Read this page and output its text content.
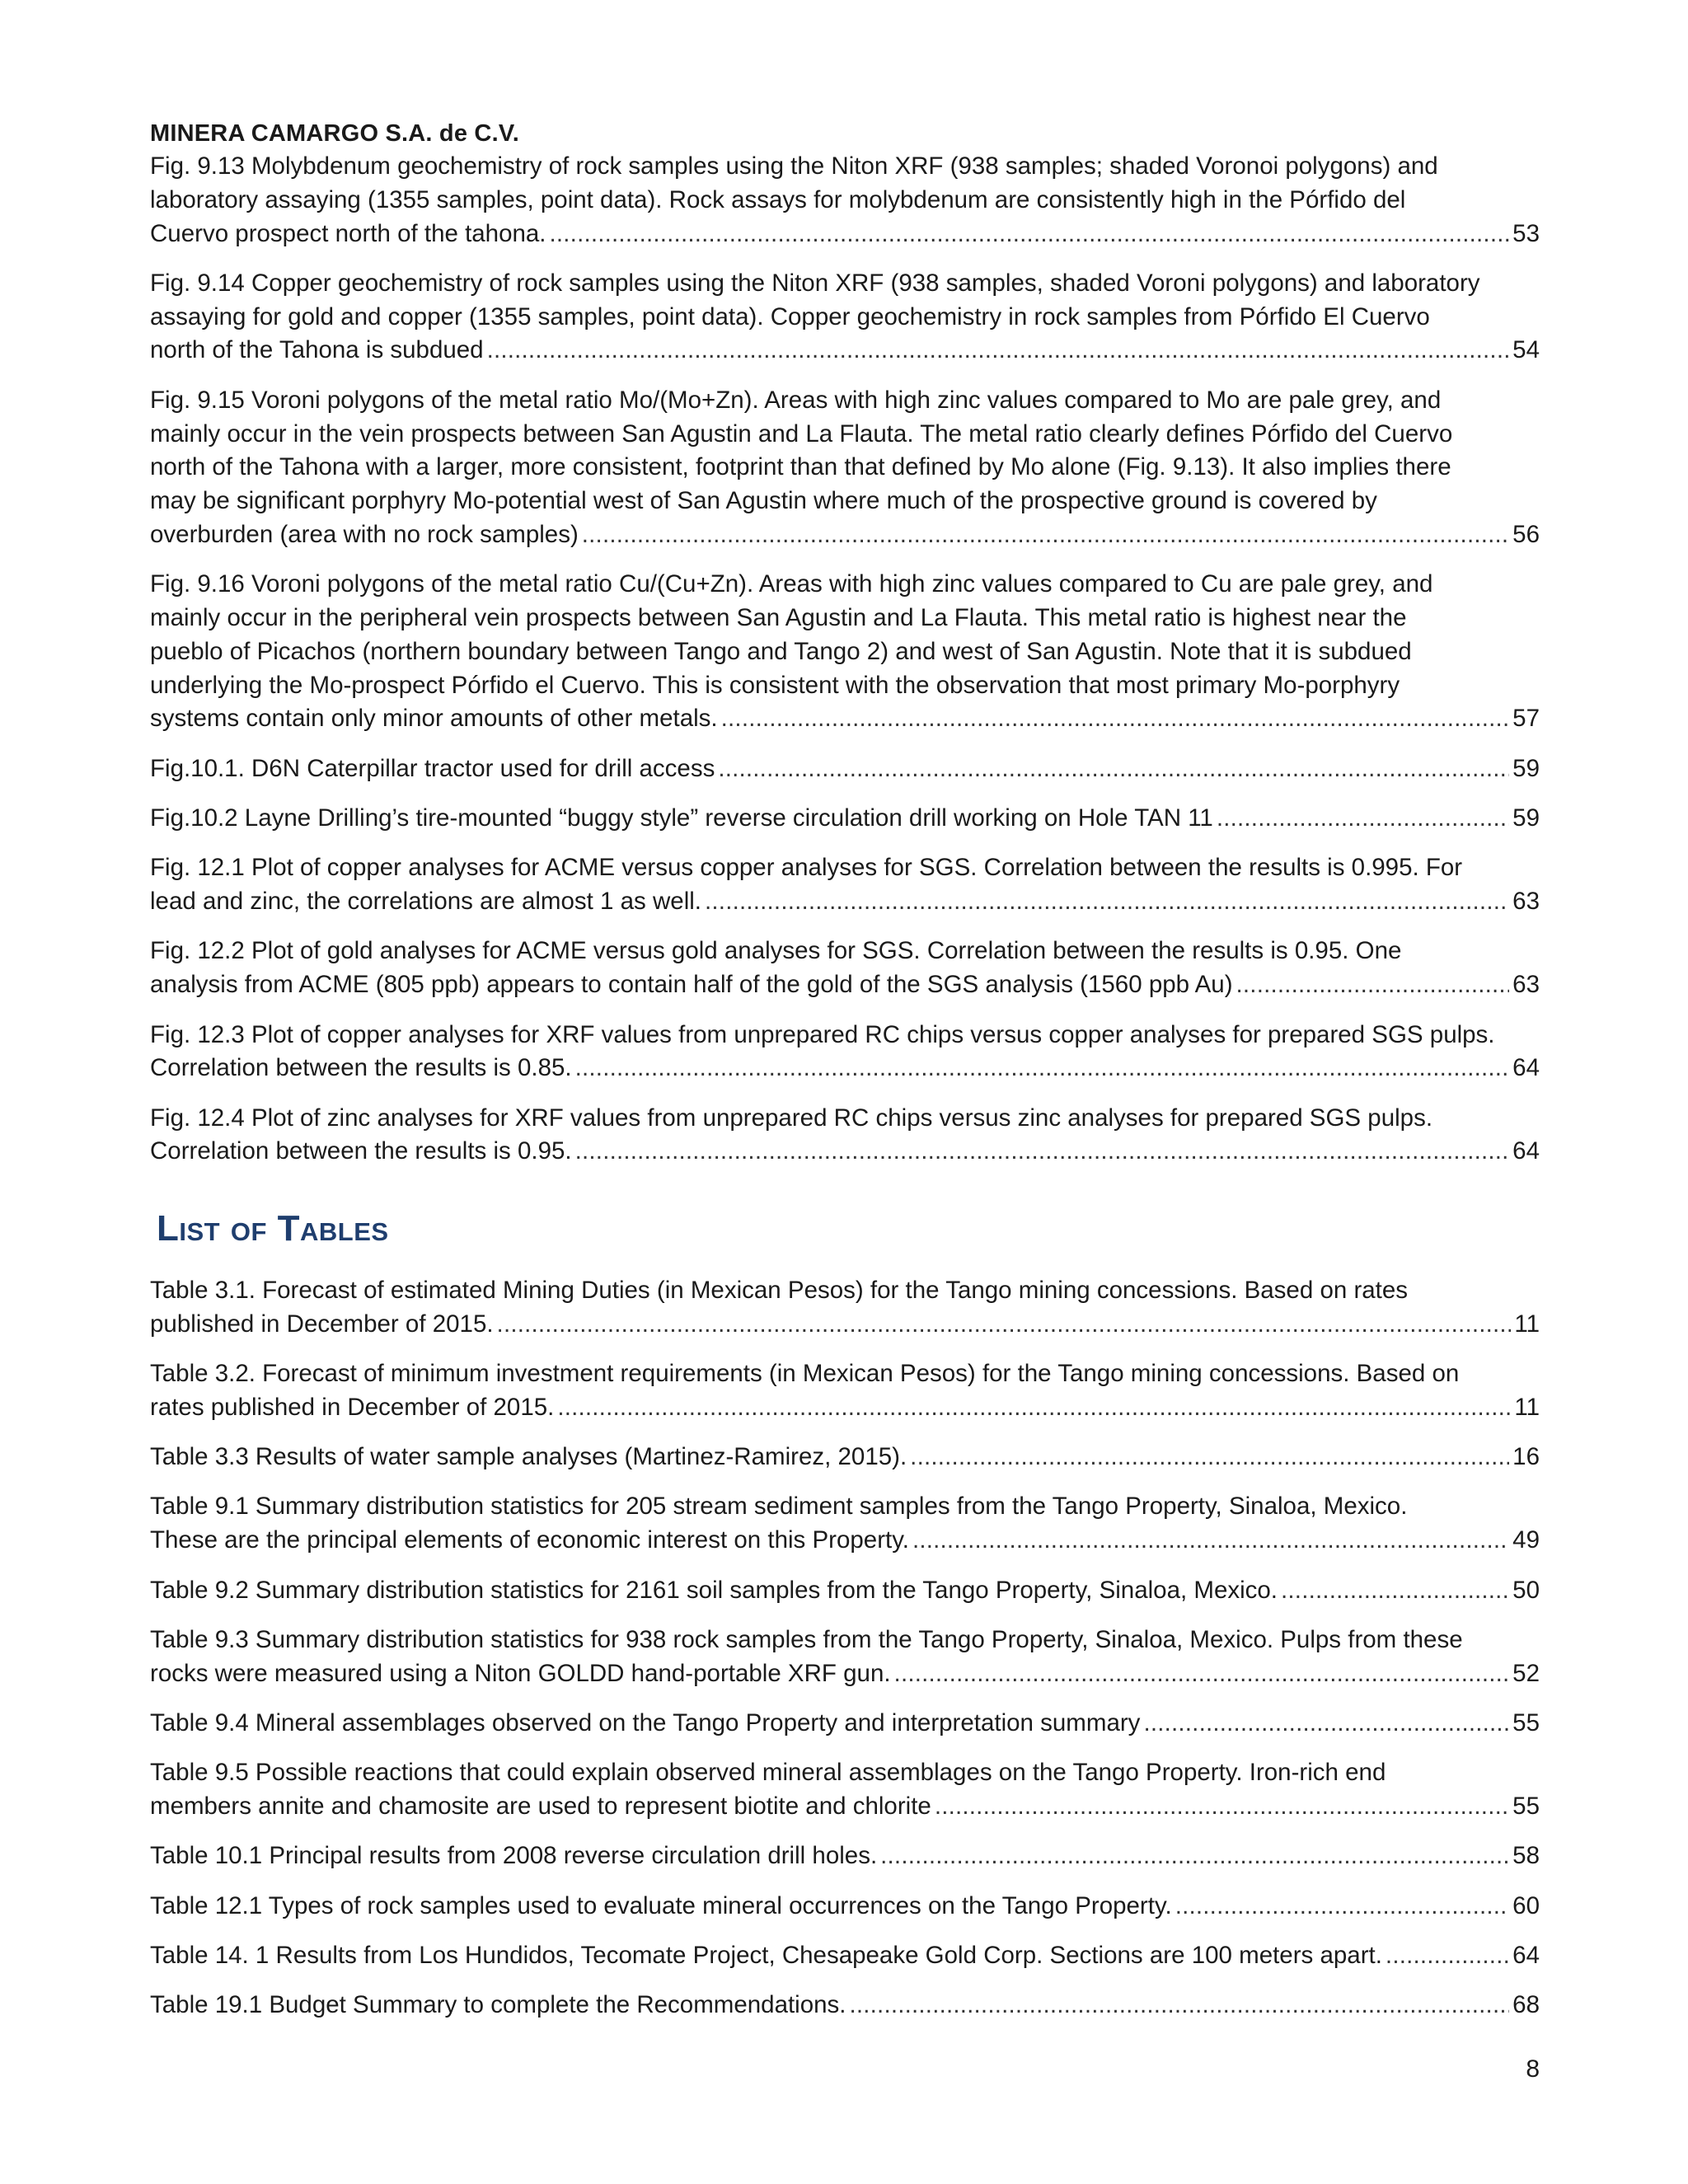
MINERA CAMARGO S.A. de C.V.
Fig. 9.13 Molybdenum geochemistry of rock samples using the Niton XRF (938 samples; shaded Voronoi polygons) and
laboratory assaying (1355 samples, point data). Rock assays for molybdenum are consistently high in the Pórfido del
Cuervo prospect north of the tahona. . . .	53
Fig. 9.14 Copper geochemistry of rock samples using the Niton XRF (938 samples, shaded Voroni polygons) and laboratory
assaying for gold and copper (1355 samples, point data). Copper geochemistry in rock samples from Pórfido El Cuervo
north of the Tahona is subdued . . .	54
Fig. 9.15 Voroni polygons of the metal ratio Mo/(Mo+Zn). Areas with high zinc values compared to Mo are pale grey, and
mainly occur in the vein prospects between San Agustin and La Flauta. The metal ratio clearly defines Pórfido del Cuervo
north of the Tahona with a larger, more consistent, footprint than that defined by Mo alone (Fig. 9.13). It also implies there
may be significant porphyry Mo-potential west of San Agustin where much of the prospective ground is covered by
overburden (area with no rock samples) . . .	56
Fig. 9.16 Voroni polygons of the metal ratio Cu/(Cu+Zn). Areas with high zinc values compared to Cu are pale grey, and
mainly occur in the peripheral vein prospects between San Agustin and La Flauta. This metal ratio is highest near the
pueblo of Picachos (northern boundary between Tango and Tango 2) and west of San Agustin. Note that it is subdued
underlying the Mo-prospect Pórfido el Cuervo. This is consistent with the observation that most primary Mo-porphyry
systems contain only minor amounts of other metals. . . .	57
Fig.10.1. D6N Caterpillar tractor used for drill access . . .	59
Fig.10.2 Layne Drilling’s tire-mounted “buggy style” reverse circulation drill working on Hole TAN 11 . . .	59
Fig. 12.1 Plot of copper analyses for ACME versus copper analyses for SGS. Correlation between the results is 0.995. For
lead and zinc, the correlations are almost 1 as well. . . .	63
Fig. 12.2 Plot of gold analyses for ACME versus gold analyses for SGS. Correlation between the results is 0.95. One
analysis from ACME (805 ppb) appears to contain half of the gold of the SGS analysis (1560 ppb Au) . . .	63
Fig. 12.3 Plot of copper analyses for XRF values from unprepared RC chips versus copper analyses for prepared SGS pulps.
Correlation between the results is 0.85. . . .	64
Fig. 12.4 Plot of zinc analyses for XRF values from unprepared RC chips versus zinc analyses for prepared SGS pulps.
Correlation between the results is 0.95. . . .	64
List of Tables
Table 3.1. Forecast of estimated Mining Duties (in Mexican Pesos) for the Tango mining concessions. Based on rates
published in December of 2015. . . .	11
Table 3.2. Forecast of minimum investment requirements (in Mexican Pesos) for the Tango mining concessions. Based on
rates published in December of 2015. . . .	11
Table 3.3 Results of water sample analyses (Martinez-Ramirez, 2015). . . .	16
Table 9.1 Summary distribution statistics for 205 stream sediment samples from the Tango Property, Sinaloa, Mexico.
These are the principal elements of economic interest on this Property. . . .	49
Table 9.2 Summary distribution statistics for 2161 soil samples from the Tango Property, Sinaloa, Mexico. . . .	50
Table 9.3 Summary distribution statistics for 938 rock samples from the Tango Property, Sinaloa, Mexico. Pulps from these
rocks were measured using a Niton GOLDD hand-portable XRF gun. . . .	52
Table 9.4 Mineral assemblages observed on the Tango Property and interpretation summary . . .	55
Table 9.5 Possible reactions that could explain observed mineral assemblages on the Tango Property. Iron-rich end
members annite and chamosite are used to represent biotite and chlorite . . .	55
Table 10.1 Principal results from 2008 reverse circulation drill holes. . . .	58
Table 12.1 Types of rock samples used to evaluate mineral occurrences on the Tango Property. . . .	60
Table 14. 1 Results from Los Hundidos, Tecomate Project, Chesapeake Gold Corp. Sections are 100 meters apart. . . .	64
Table 19.1 Budget Summary to complete the Recommendations. . . .	68
8
